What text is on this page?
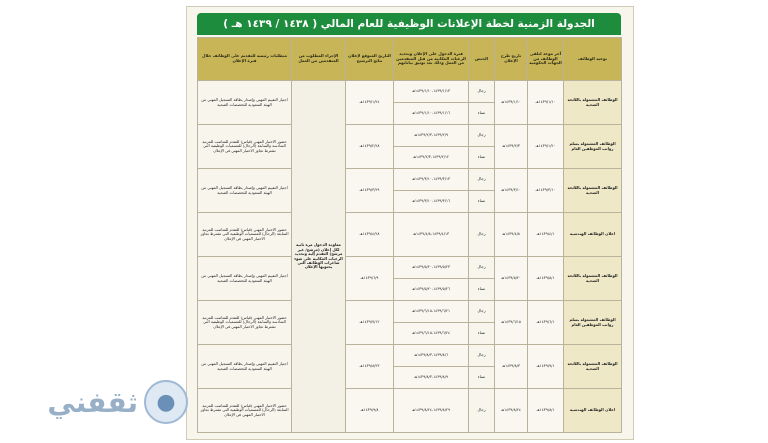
الجدولة الزمنية لخطة الإعلانات الوظيفية للعام المالي ( ١٤٣٨ / ١٤٣٩ هـ )
نوعية الوظائف	آخر موعد لتلقي الوظائف من الجهات الحكومية	تاريخ طرح الإعلان	الجنس	فترة الدخول على الإعلان وتحديد الرغبات المكانية من قبل المتقدمين من العمل وذلك بعد توثيق بياناتهم	التاريخ المتوقع لإعلان نتائج الترشيح	الإجراء المطلوب من المتقدمين من العمل	متطلبات رئيسة للتقديم على الوظائف خلال فترة الإعلان
الوظائف المشمولة باللائحة الصحية	١٤٣٩/١/١٠هـ	١٤٣٩/١/١٠هـ	رجال	١٤٣٩/١/١٣-١٤٣٩/١/١٠هـ	١٤٣٩/١/٢٤هـ	معاودة الدخول مرة ثانية لكل إعلان (مرشح/ غير مرشح) التقدم إليه وتحديد الرغبات المكانية على ضوء شاغرات الوظائف التي يحتويها الإعلان	اجتياز التقييم المهني وإصدار بطاقة التسجيل المهني من الهيئة السعودية للتخصصات الصحية
			نساء	١٤٣٩/١/١٦-١٤٣٩/١/١٠هـ			
الوظائف المشمولة بسلم رواتب الموظفين العام	١٤٣٩/١/٢٠هـ	١٤٣٩/٢/٣هـ	رجال	١٤٣٩/٢/٩-١٤٣٩/٢/٣هـ	١٤٣٩/٢/٢٨هـ		حضور الاختبار المهني (قياس) للتقدم للمناصب للمرتبة السادسة والسابعة (الرجال) للمسميات الوظيفية التي تشترط تجاوز الاختبار المهني في الإعلان
			نساء	١٤٣٩/٢/١٢-١٤٣٩/٢/٣هـ			
الوظائف المشمولة باللائحة الصحية	١٤٣٩/٣/١٠هـ	١٤٣٩/٣/١٠هـ	رجال	١٤٣٩/٣/١٣-١٤٣٩/٣/١٠هـ	١٤٣٩/٣/٢٩هـ		اجتياز التقييم المهني وإصدار بطاقة التسجيل المهني من الهيئة السعودية للتخصصات الصحية
			نساء	١٤٣٩/٣/١٦-١٤٣٩/٣/١٠هـ			
اعلان الوظائف الهندسية	١٤٣٩/٤/١هـ	١٤٣٩/٤/٨هـ	رجال	١٤٣٩/٤/١٣-١٤٣٩/٤/٨هـ	١٤٣٩/٤/٢٨هـ		حضور الاختبار المهني (قياس) للتقدم للمناصب للمرتبة السابعة (الرجال) للمسميات الوظيفية التي تشترط تجاوز الاختبار المهني في الإعلان
الوظائف المشمولة باللائحة الصحية	١٤٣٩/٥/١هـ	١٤٣٩/٥/٢٠هـ	رجال	١٤٣٩/٥/٢٣-١٤٣٩/٥/٢٠هـ	١٤٣٩/٦/٩هـ		اجتياز التقييم المهني وإصدار بطاقة التسجيل المهني من الهيئة السعودية للتخصصات الصحية
			نساء	١٤٣٩/٥/٢٦-١٤٣٩/٥/٢٠هـ			
الوظائف المشمولة بسلم رواتب الموظفين العام	١٤٣٩/٦/١هـ	١٤٣٩/٦/١٥هـ	رجال	١٤٣٩/٦/٢١-١٤٣٩/٦/١٥هـ	١٤٣٩/٧/١٢هـ		حضور الاختبار المهني (قياس) للتقدم للمناصب للمرتبة السادسة والسابعة (الرجال) للمسميات الوظيفية التي تشترط تجاوز الاختبار المهني في الإعلان
			نساء	١٤٣٩/٦/٢٤-١٤٣٩/٦/١٥هـ			
الوظائف المشمولة باللائحة الصحية	١٤٣٩/٧/١هـ	١٤٣٩/٨/٣هـ	رجال	١٤٣٩/٨/٦-١٤٣٩/٨/٣هـ	١٤٣٩/٨/٢٣هـ		اجتياز التقييم المهني وإصدار بطاقة التسجيل المهني من الهيئة السعودية للتخصصات الصحية
			نساء	١٤٣٩/٨/٩-١٤٣٩/٨/٣هـ			
اعلان الوظائف الهندسية	١٤٣٩/٨/١هـ	١٤٣٩/٨/٢٤هـ	رجال	١٤٣٩/٨/٢٩-١٤٣٩/٨/٢٤هـ	١٤٣٩/٩/٨هـ		حضور الاختبار المهني (قياس) للتقدم للمناصب للمرتبة السابعة (الرجال) للمسميات الوظيفية التي تشترط تجاوز الاختبار المهني في الإعلان
●
ثقفني
